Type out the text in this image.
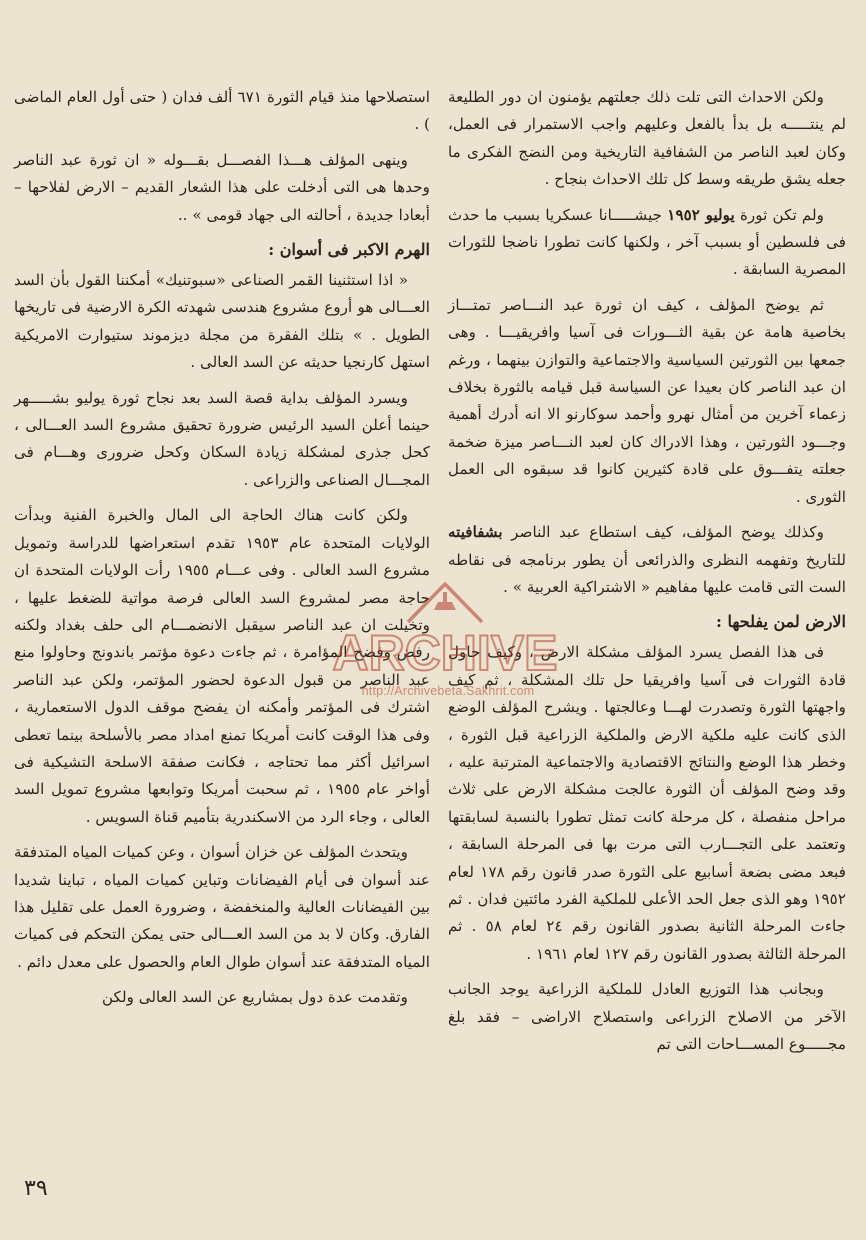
ولكن الاحداث التى تلت ذلك جعلتهم يؤمنون ان دور الطليعة لم ينتـــــه بل بدأ بالفعل وعليهم واجب الاستمرار فى العمل، وكان لعبد الناصر من الشفافية التاريخية ومن النضج الفكرى ما جعله يشق طريقه وسط كل تلك الاحداث بنجاح .

ولم تكن ثورة يوليو ١٩٥٢ جيشـــــانا عسكريا بسبب ما حدث فى فلسطين أو بسبب آخر ، ولكنها كانت تطورا ناضجا للثورات المصرية السابقة .

ثم يوضح المؤلف ، كيف ان ثورة عبد النـــاصر تمتـــاز بخاصية هامة عن بقية الثـــورات فى آسيا وافريقيـــا . وهى جمعها بين الثورتين السياسية والاجتماعية والتوازن بينهما ، ورغم ان عبد الناصر كان بعيدا عن السياسة قبل قيامه بالثورة بخلاف زعماء آخرين من أمثال نهرو وأحمد سوكارنو الا انه أدرك أهمية وجـــود الثورتين ، وهذا الادراك كان لعبد النـــاصر ميزة ضخمة جعلته يتفـــوق على قادة كثيرين كانوا قد سبقوه الى العمل الثورى .

وكذلك يوضح المؤلف، كيف استطاع عبد الناصر بشفافيته للتاريخ وتفهمه النظرى والذرائعى أن يطور برنامجه فى نقاطه الست التى قامت عليها مفاهيم « الاشتراكية العربية » .

الارض لمن يفلحها :

فى هذا الفصل يسرد المؤلف مشكلة الارض ، وكيف حاول قادة الثورات فى آسيا وافريقيا حل تلك المشكلة ، ثم كيف واجهتها الثورة وتصدرت لهـــا وعالجتها . ويشرح المؤلف الوضع الذى كانت عليه ملكية الارض والملكية الزراعية قبل الثورة ، وخطر هذا الوضع والنتائج الاقتصادية والاجتماعية المترتبة عليه ، وقد وضح المؤلف أن الثورة عالجت مشكلة الارض على ثلاث مراحل منفصلة ، كل مرحلة كانت تمثل تطورا بالنسبة لسابقتها وتعتمد على التجـــارب التى مرت بها فى المرحلة السابقة ، فبعد مضى بضعة أسابيع على الثورة صدر قانون رقم ١٧٨ لعام ١٩٥٢ وهو الذى جعل الحد الأعلى للملكية الفرد مائتين فدان . ثم جاءت المرحلة الثانية بصدور القانون رقم ٢٤ لعام ٥٨ . ثم المرحلة الثالثة بصدور القانون رقم ١٢٧ لعام ١٩٦١ .

وبجانب هذا التوزيع العادل للملكية الزراعية يوجد الجانب الآخر من الاصلاح الزراعى واستصلاح الاراضى – فقد بلغ مجـــــوع المســـاحات التى تم

استصلاحها منذ قيام الثورة ٦٧١ ألف فدان ( حتى أول العام الماضى ) .

وينهى المؤلف هـــذا الفصـــل بقـــوله « ان ثورة عبد الناصر وحدها هى التى أدخلت على هذا الشعار القديم – الارض لفلاحها – أبعادا جديدة ، أحالته الى جهاد قومى » ..

الهرم الاكبر فى أسوان :

« اذا استثنينا القمر الصناعى «سبوتنيك» أمكننا القول بأن السد العـــالى هو أروع مشروع هندسى شهدته الكرة الارضية فى تاريخها الطويل . » بتلك الفقرة من مجلة ديزموند ستيوارت الامريكية استهل كارنجيا حديثه عن السد العالى .

ويسرد المؤلف بداية قصة السد بعد نجاح ثورة يوليو بشـــــهر حينما أعلن السيد الرئيس ضرورة تحقيق مشروع السد العـــالى ، كحل جذرى لمشكلة زيادة السكان وكحل ضرورى وهـــام فى المجـــال الصناعى والزراعى .

ولكن كانت هناك الحاجة الى المال والخبرة الفنية وبدأت الولايات المتحدة عام ١٩٥٣ تقدم استعراضها للدراسة وتمويل مشروع السد العالى . وفى عـــام ١٩٥٥ رأت الولايات المتحدة ان حاجة مصر لمشروع السد العالى فرصة مواتية للضغط عليها ، وتخيلت ان عبد الناصر سيقبل الانضمـــام الى حلف بغداد ولكنه رفض وفضح المؤامرة ، ثم جاءت دعوة مؤتمر باندونج وحاولوا منع عبد الناصر من قبول الدعوة لحضور المؤتمر، ولكن عبد الناصر اشترك فى المؤتمر وأمكنه ان يفضح موقف الدول الاستعمارية ، وفى هذا الوقت كانت أمريكا تمنع امداد مصر بالأسلحة بينما تعطى اسرائيل أكثر مما تحتاجه ، فكانت صفقة الاسلحة التشيكية فى أواخر عام ١٩٥٥ ، ثم سحبت أمريكا وتوابعها مشروع تمويل السد العالى ، وجاء الرد من الاسكندرية بتأميم قناة السويس .

ويتحدث المؤلف عن خزان أسوان ، وعن كميات المياه المتدفقة عند أسوان فى أيام الفيضانات وتباين كميات المياه ، تباينا شديدا بين الفيضانات العالية والمنخفضة ، وضرورة العمل على تقليل هذا الفارق. وكان لا بد من السد العـــالى حتى يمكن التحكم فى كميات المياه المتدفقة عند أسوان طوال العام والحصول على معدل دائم .

وتقدمت عدة دول بمشاريع عن السد العالى ولكن

٣٩
ARCHIVE
http://Archivebeta.Sakhrit.com
